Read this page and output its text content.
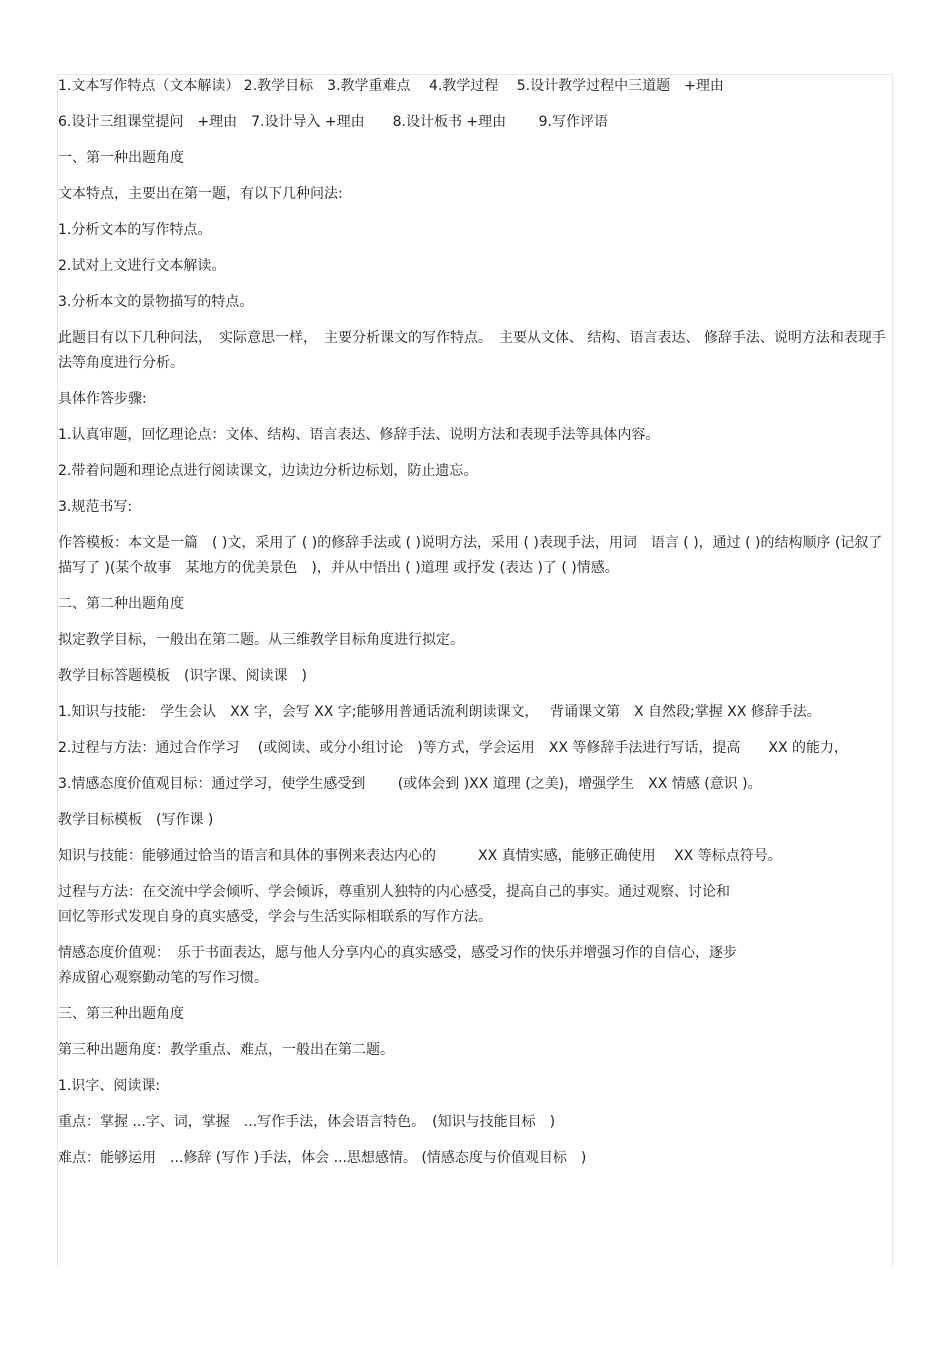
1.文本写作特点（文本解读） 2.教学目标　3.教学重难点　 4.教学过程　 5.设计教学过程中三道题　+理由

6.设计三组课堂提问　+理由　7.设计导入 +理由　　8.设计板书 +理由　　 9.写作评语

一、第一种出题角度

文本特点，主要出在第一题，有以下几种问法:

1.分析文本的写作特点。

2.试对上文进行文本解读。

3.分析本文的景物描写的特点。

此题目有以下几种问法，　实际意思一样，　主要分析课文的写作特点。　主要从文体、 结构、语言表达、 修辞手法、说明方法和表现手法等角度进行分析。

具体作答步骤:

1.认真审题，回忆理论点：文体、结构、语言表达、修辞手法、说明方法和表现手法等具体内容。

2.带着问题和理论点进行阅读课文，边读边分析边标划，防止遗忘。

3.规范书写:

作答模板：本文是一篇　( )文，采用了 ( )的修辞手法或 ( )说明方法，采用 ( )表现手法，用词　语言 ( )，通过 ( )的结构顺序 (记叙了　描写了 )(某个故事　某地方的优美景色　)，并从中悟出 ( )道理 或抒发 (表达 )了 ( )情感。

二、第二种出题角度

拟定教学目标，一般出在第二题。从三维教学目标角度进行拟定。

教学目标答题模板　(识字课、阅读课　)

1.知识与技能:　学生会认　XX 字，会写 XX 字;能够用普通话流利朗读课文，　 背诵课文第　X 自然段;掌握 XX 修辞手法。

2.过程与方法：通过合作学习　 (或阅读、或分小组讨论　)等方式，学会运用　XX 等修辞手法进行写话，提高　　XX 的能力，

3.情感态度价值观目标：通过学习，使学生感受到　　 (或体会到 )XX 道理 (之美)，增强学生　XX 情感 (意识 )。

教学目标模板　(写作课 )

知识与技能：能够通过恰当的语言和具体的事例来表达内心的　　　XX 真情实感，能够正确使用　 XX 等标点符号。

过程与方法：在交流中学会倾听、学会倾诉，尊重别人独特的内心感受，提高自己的事实。通过观察、讨论和

回忆等形式发现自身的真实感受，学会与生活实际相联系的写作方法。

情感态度价值观：　乐于书面表达，愿与他人分享内心的真实感受，感受习作的快乐并增强习作的自信心，逐步

养成留心观察勤动笔的写作习惯。

三、第三种出题角度

第三种出题角度：教学重点、难点，一般出在第二题。

1.识字、阅读课:

重点：掌握 ...字、词，掌握　...写作手法，体会语言特色。　(知识与技能目标　)

难点：能够运用　...修辞 (写作 )手法，体会 ...思想感情。 (情感态度与价值观目标　)
